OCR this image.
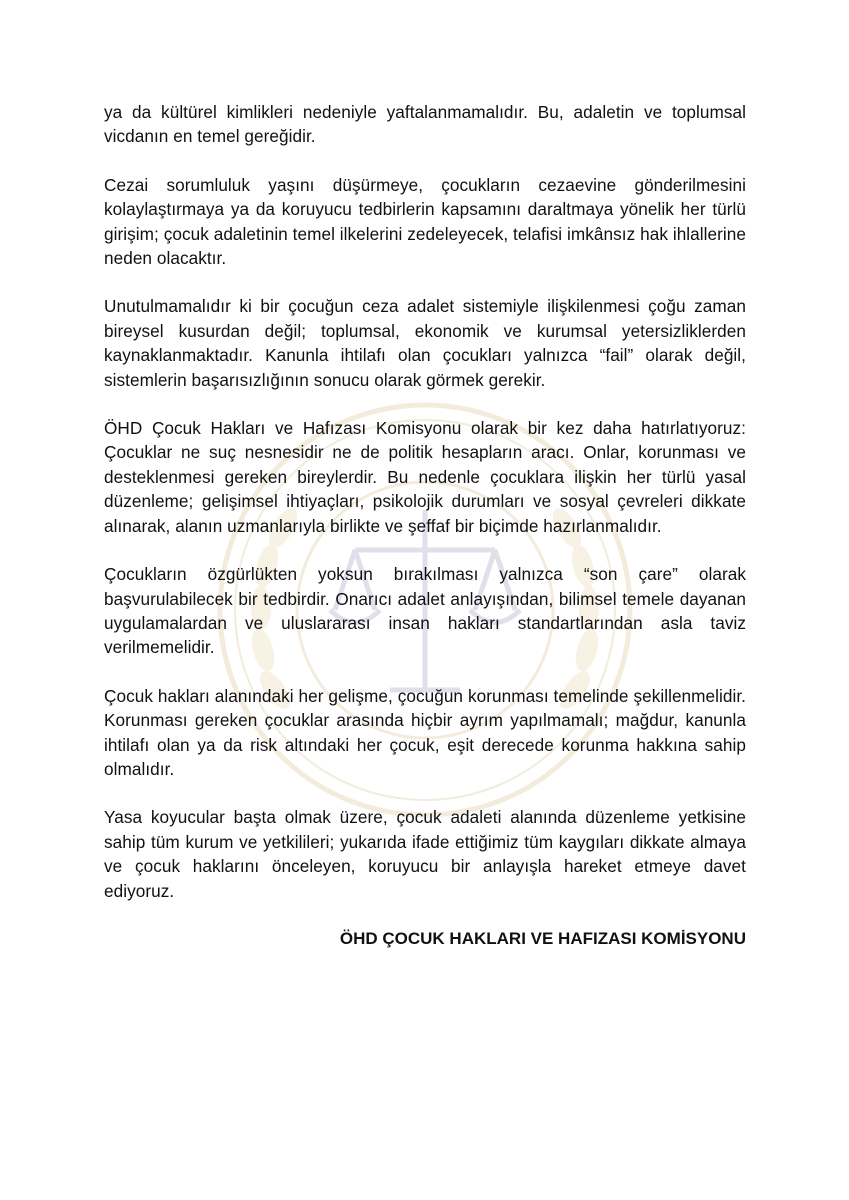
ya da kültürel kimlikleri nedeniyle yaftalanmamalıdır. Bu, adaletin ve toplumsal vicdanın en temel gereğidir.

Cezai sorumluluk yaşını düşürmeye, çocukların cezaevine gönderilmesini kolaylaştırmaya ya da koruyucu tedbirlerin kapsamını daraltmaya yönelik her türlü girişim; çocuk adaletinin temel ilkelerini zedeleyecek, telafisi imkânsız hak ihlallerine neden olacaktır.

Unutulmamalıdır ki bir çocuğun ceza adalet sistemiyle ilişkilenmesi çoğu zaman bireysel kusurdan değil; toplumsal, ekonomik ve kurumsal yetersizliklerden kaynaklanmaktadır. Kanunla ihtilafı olan çocukları yalnızca “fail” olarak değil, sistemlerin başarısızlığının sonucu olarak görmek gerekir.

ÖHD Çocuk Hakları ve Hafızası Komisyonu olarak bir kez daha hatırlatıyoruz: Çocuklar ne suç nesnesidir ne de politik hesapların aracı. Onlar, korunması ve desteklenmesi gereken bireylerdir. Bu nedenle çocuklara ilişkin her türlü yasal düzenleme; gelişimsel ihtiyaçları, psikolojik durumları ve sosyal çevreleri dikkate alınarak, alanın uzmanlarıyla birlikte ve şeffaf bir biçimde hazırlanmalıdır.

Çocukların özgürlükten yoksun bırakılması yalnızca “son çare” olarak başvurulabilecek bir tedbirdir. Onarıcı adalet anlayışından, bilimsel temele dayanan uygulamalardan ve uluslararası insan hakları standartlarından asla taviz verilmemelidir.

Çocuk hakları alanındaki her gelişme, çocuğun korunması temelinde şekillenmelidir. Korunması gereken çocuklar arasında hiçbir ayrım yapılmamalı; mağdur, kanunla ihtilafı olan ya da risk altındaki her çocuk, eşit derecede korunma hakkına sahip olmalıdır.

Yasa koyucular başta olmak üzere, çocuk adaleti alanında düzenleme yetkisine sahip tüm kurum ve yetkilileri; yukarıda ifade ettiğimiz tüm kaygıları dikkate almaya ve çocuk haklarını önceleyen, koruyucu bir anlayışla hareket etmeye davet ediyoruz.

ÖHD ÇOCUK HAKLARI VE HAFIZASI KOMİSYONU
